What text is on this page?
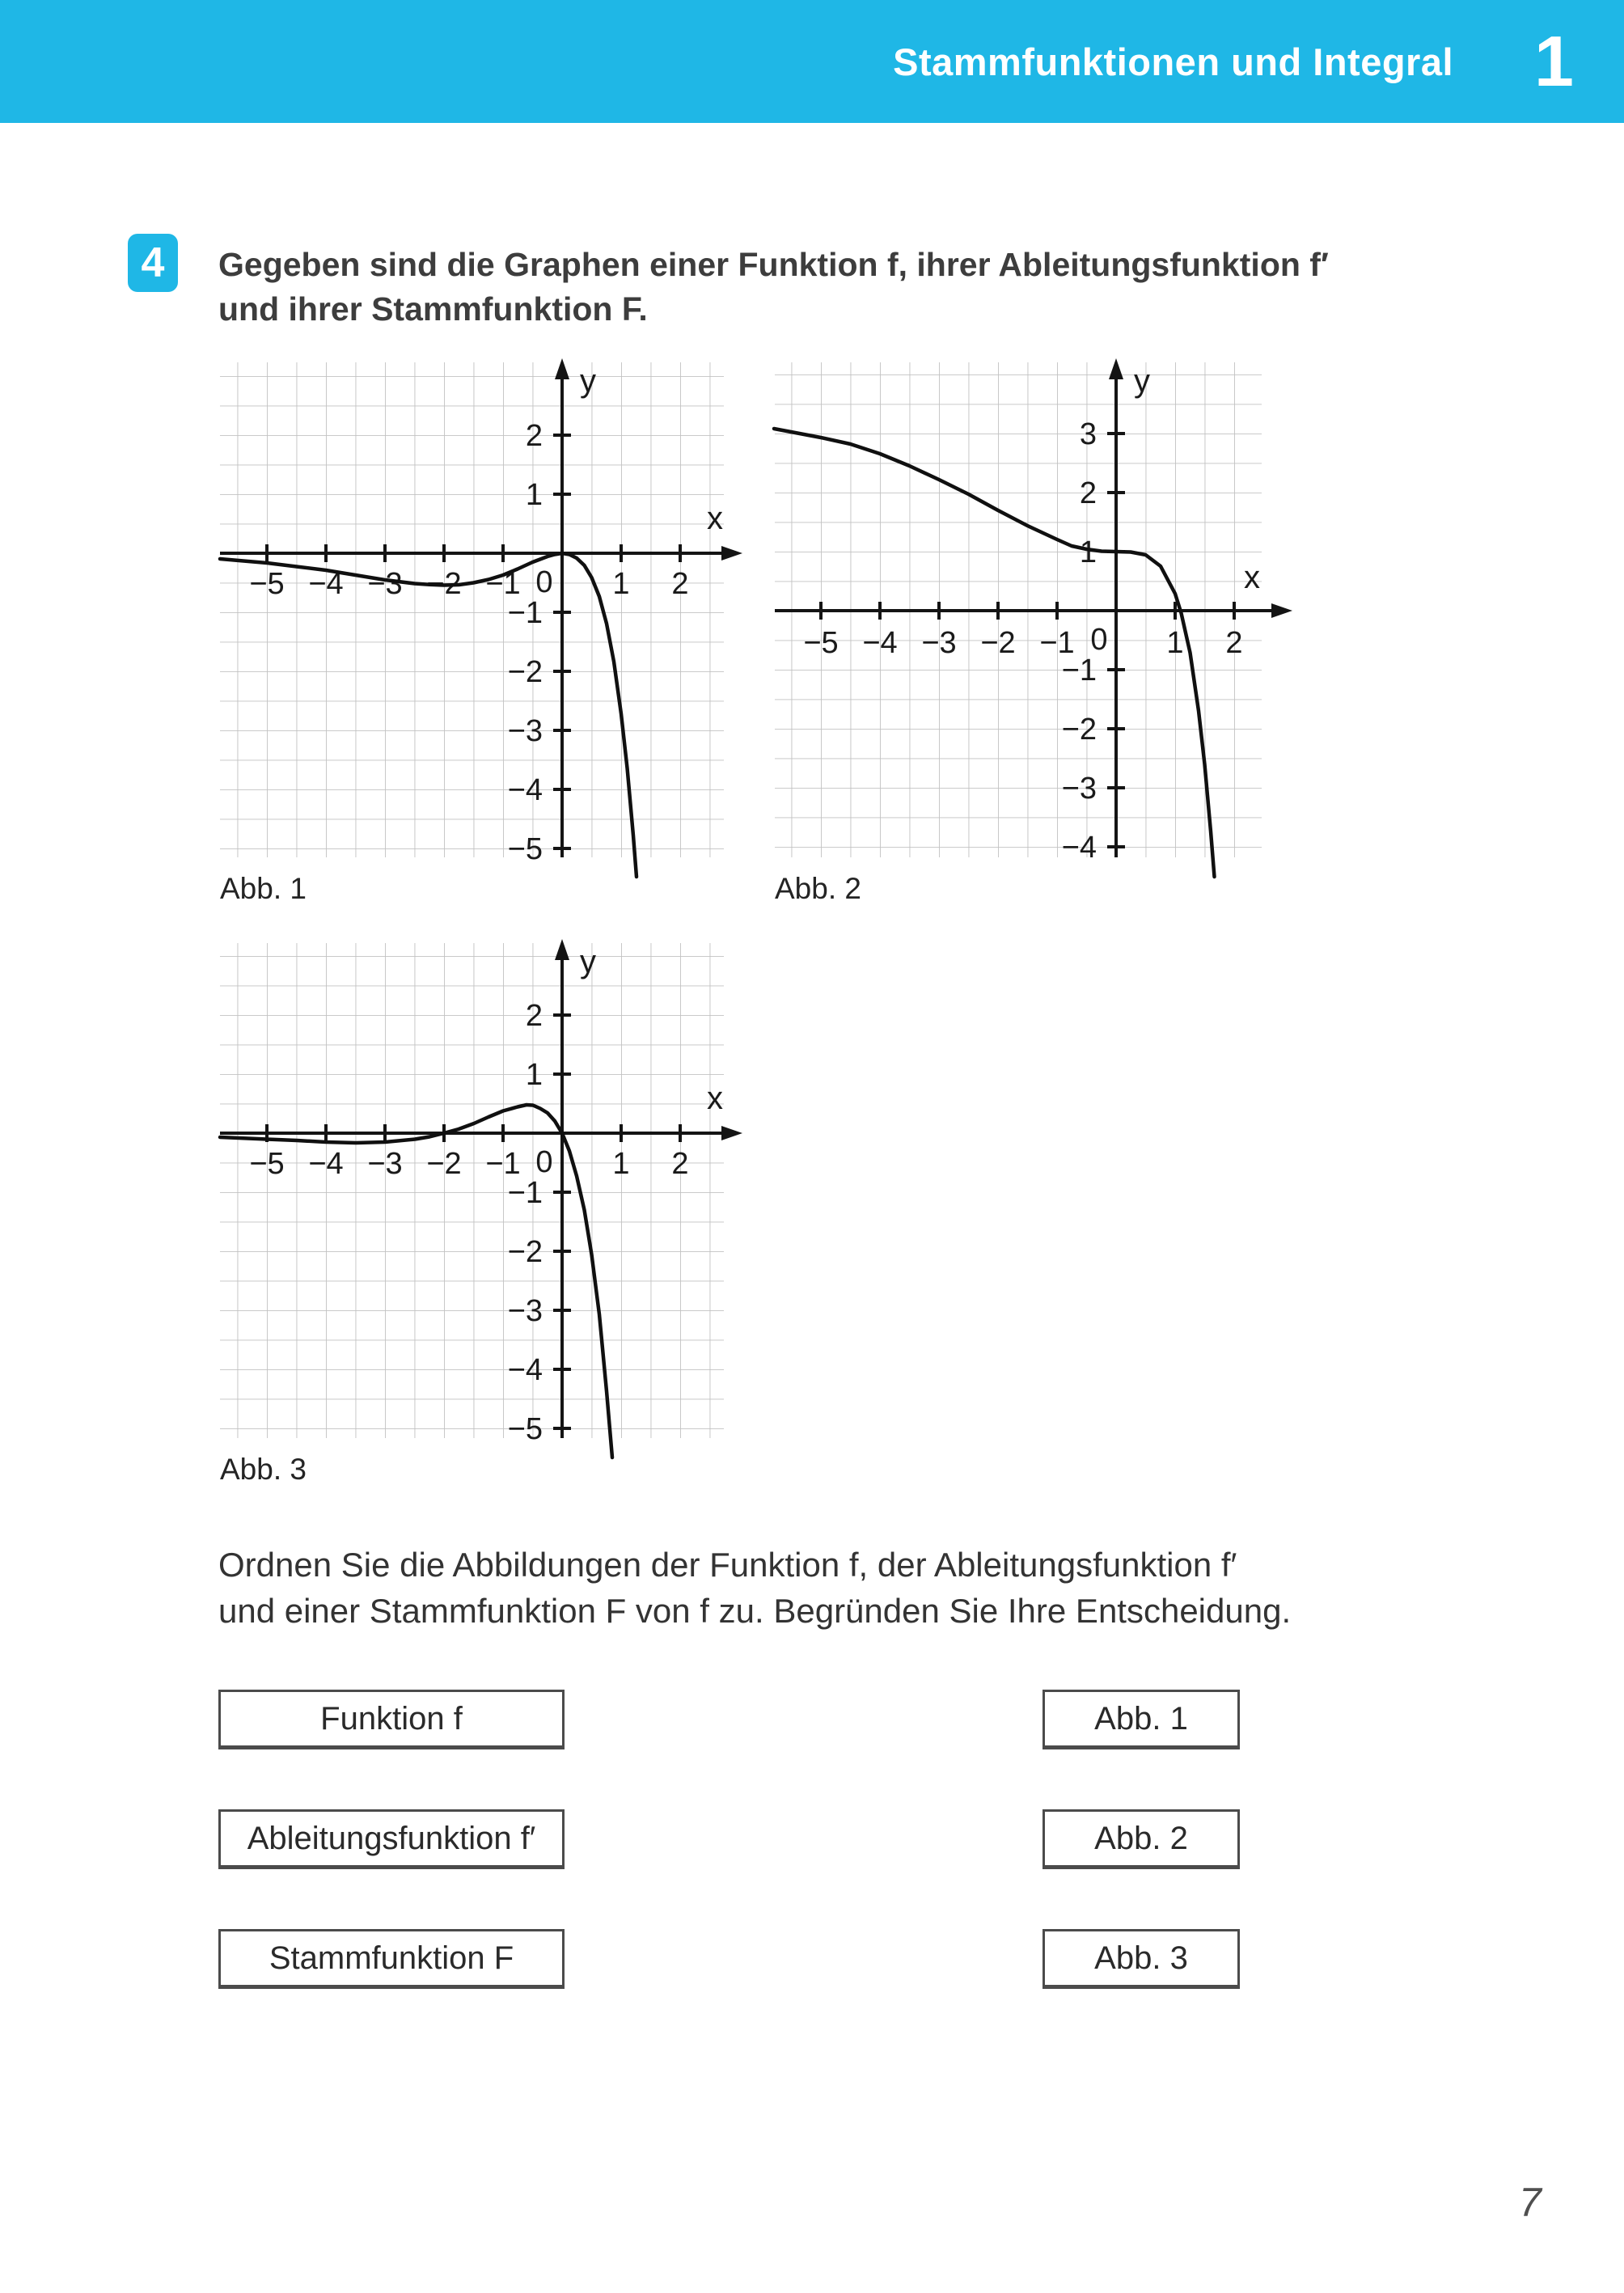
Stammfunktionen und Integral 1
4	Gegeben sind die Graphen einer Funktion f, ihrer Ableitungsfunktion f′
und ihrer Stammfunktion F.
−5 −4 −3 −2 −1	1 2
2
1
−1
−2
−3
−4
−5
0
x
y
Abb. 1
−5 −4 −3 −2 −1	1 2
3
2
1
−1
−2
−3
−4
0
x
y
Abb. 2
−5 −4 −3 −2 −1	1 2
2
1
−1
−2
−3
−4
−5
0
x
y
Abb. 3
Ordnen Sie die Abbildungen der Funktion f, der Ableitungsfunktion f′
und einer Stammfunktion F von f zu. Begründen Sie Ihre Entscheidung.
Funktion f
Ableitungsfunktion f′
Stammfunktion F
Abb. 1
Abb. 2
Abb. 3
7
